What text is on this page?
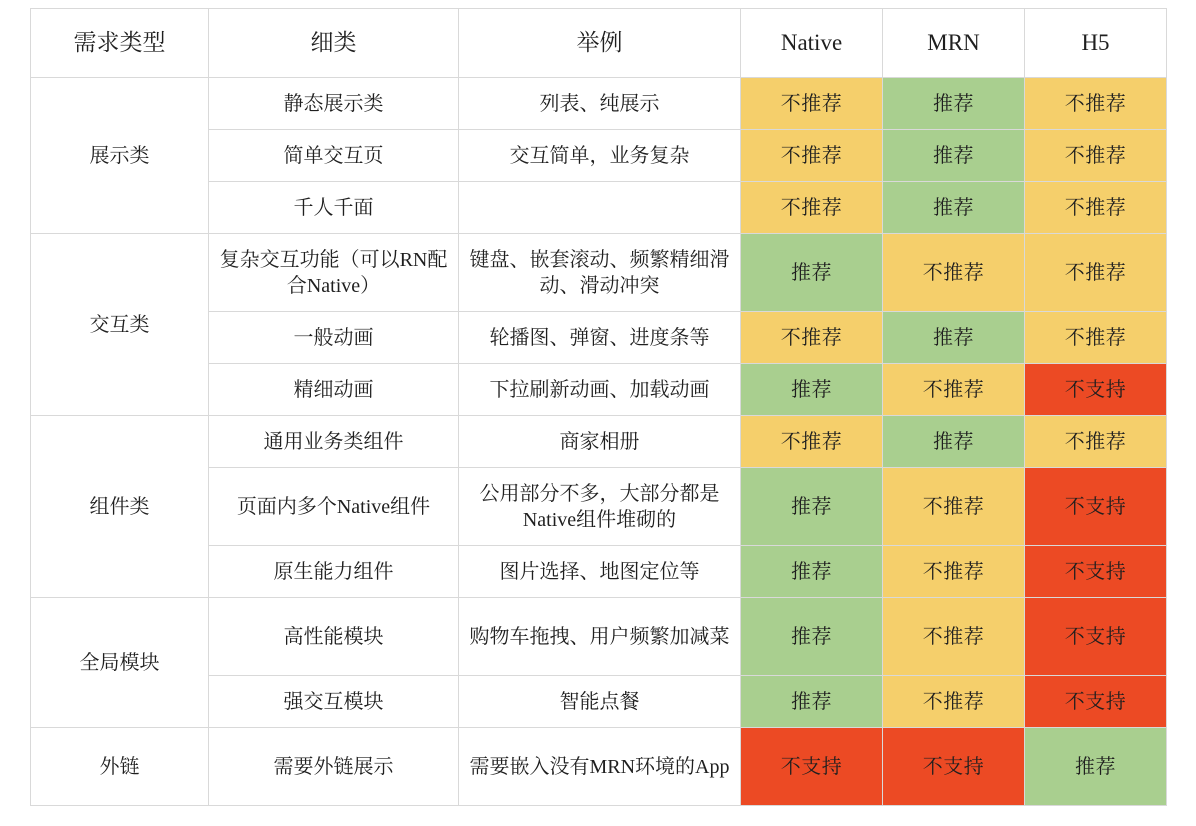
需求类型	细类	举例	Native	MRN	H5
展示类	静态展示类	列表、纯展示	不推荐	推荐	不推荐
	简单交互页	交互简单，业务复杂	不推荐	推荐	不推荐
	千人千面		不推荐	推荐	不推荐
交互类	复杂交互功能（可以RN配合Native）	键盘、嵌套滚动、频繁精细滑动、滑动冲突	推荐	不推荐	不推荐
	一般动画	轮播图、弹窗、进度条等	不推荐	推荐	不推荐
	精细动画	下拉刷新动画、加载动画	推荐	不推荐	不支持
组件类	通用业务类组件	商家相册	不推荐	推荐	不推荐
	页面内多个Native组件	公用部分不多，大部分都是Native组件堆砌的	推荐	不推荐	不支持
	原生能力组件	图片选择、地图定位等	推荐	不推荐	不支持
全局模块	高性能模块	购物车拖拽、用户频繁加减菜	推荐	不推荐	不支持
	强交互模块	智能点餐	推荐	不推荐	不支持
外链	需要外链展示	需要嵌入没有MRN环境的App	不支持	不支持	推荐
